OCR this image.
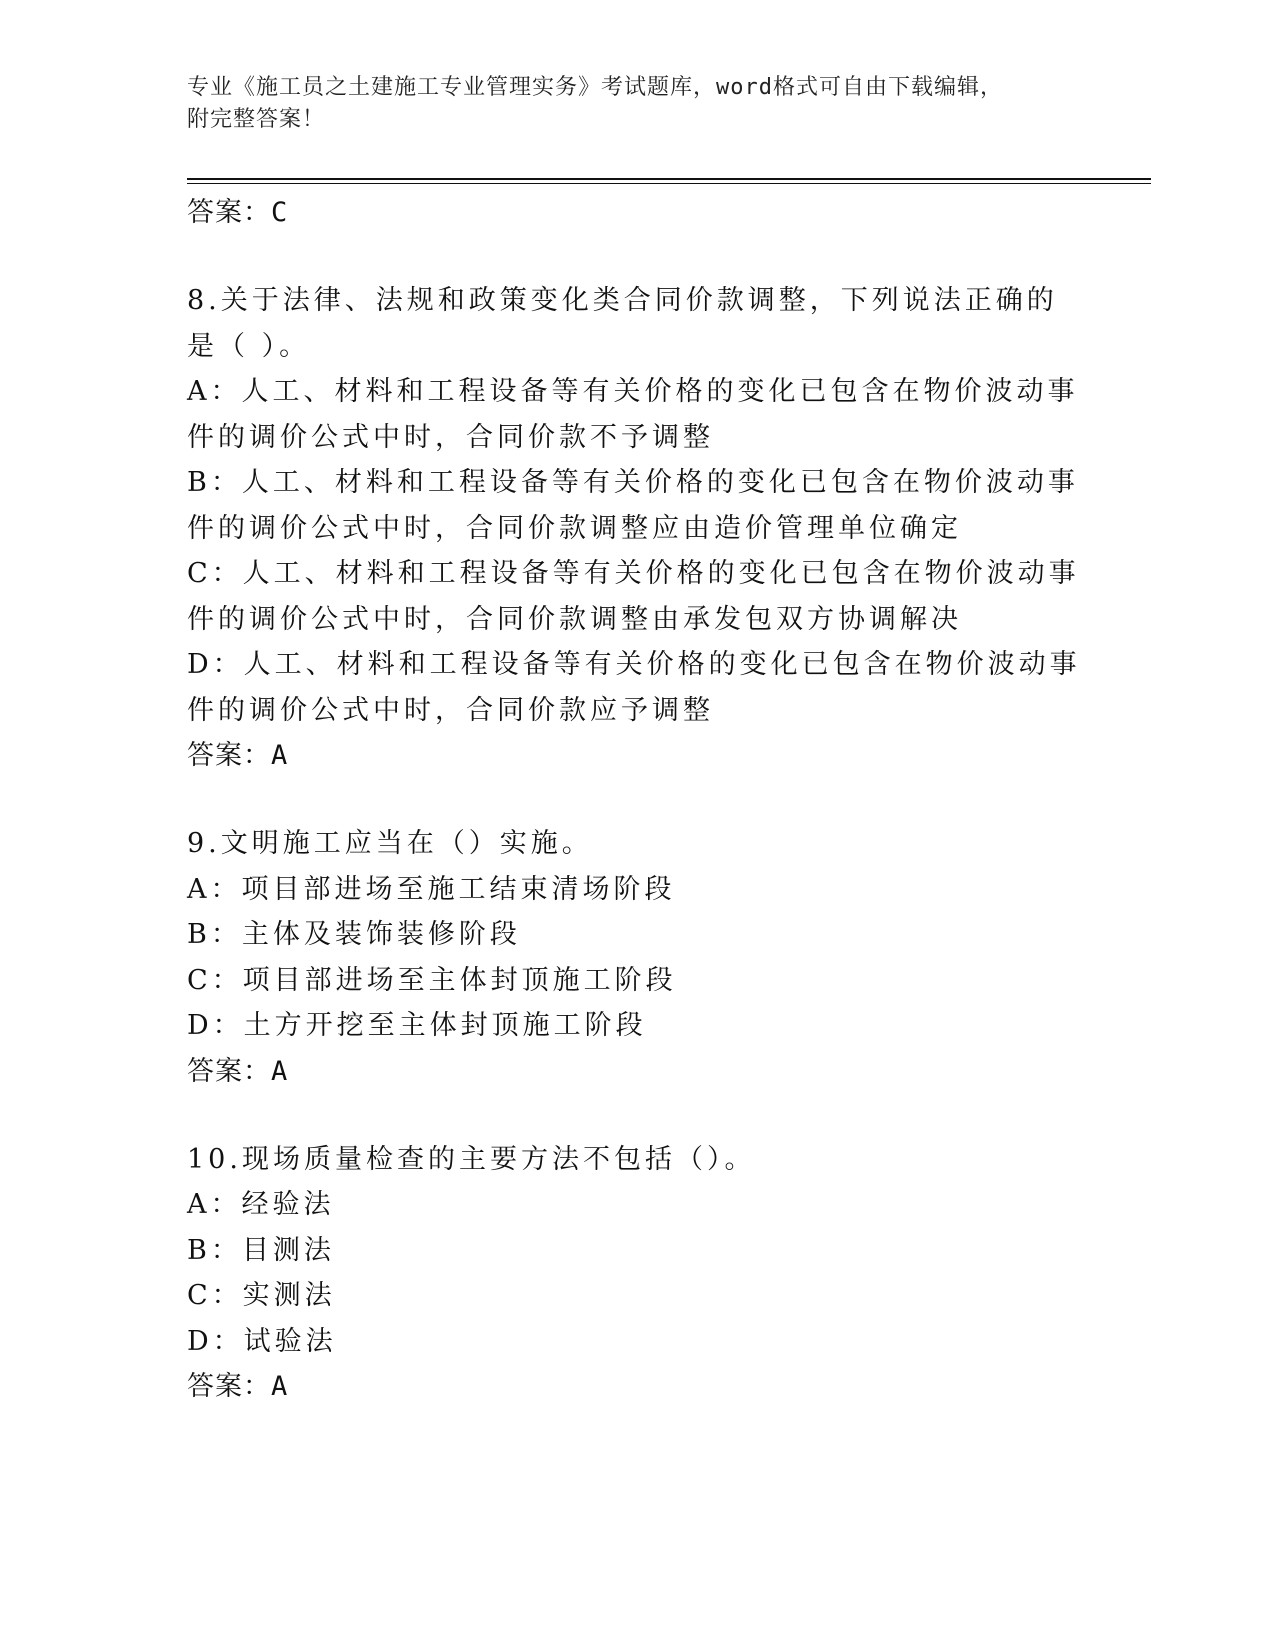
专业《施工员之土建施工专业管理实务》考试题库，word格式可自由下载编辑，
附完整答案！
答案：C
8.关于法律、法规和政策变化类合同价款调整，下列说法正确的是（ ）。
A：人工、材料和工程设备等有关价格的变化已包含在物价波动事件的调价公式中时，合同价款不予调整
B：人工、材料和工程设备等有关价格的变化已包含在物价波动事件的调价公式中时，合同价款调整应由造价管理单位确定
C：人工、材料和工程设备等有关价格的变化已包含在物价波动事件的调价公式中时，合同价款调整由承发包双方协调解决
D：人工、材料和工程设备等有关价格的变化已包含在物价波动事件的调价公式中时，合同价款应予调整
答案：A
9.文明施工应当在（）实施。
A：项目部进场至施工结束清场阶段
B：主体及装饰装修阶段
C：项目部进场至主体封顶施工阶段
D：土方开挖至主体封顶施工阶段
答案：A
10.现场质量检查的主要方法不包括（）。
A：经验法
B：目测法
C：实测法
D：试验法
答案：A
